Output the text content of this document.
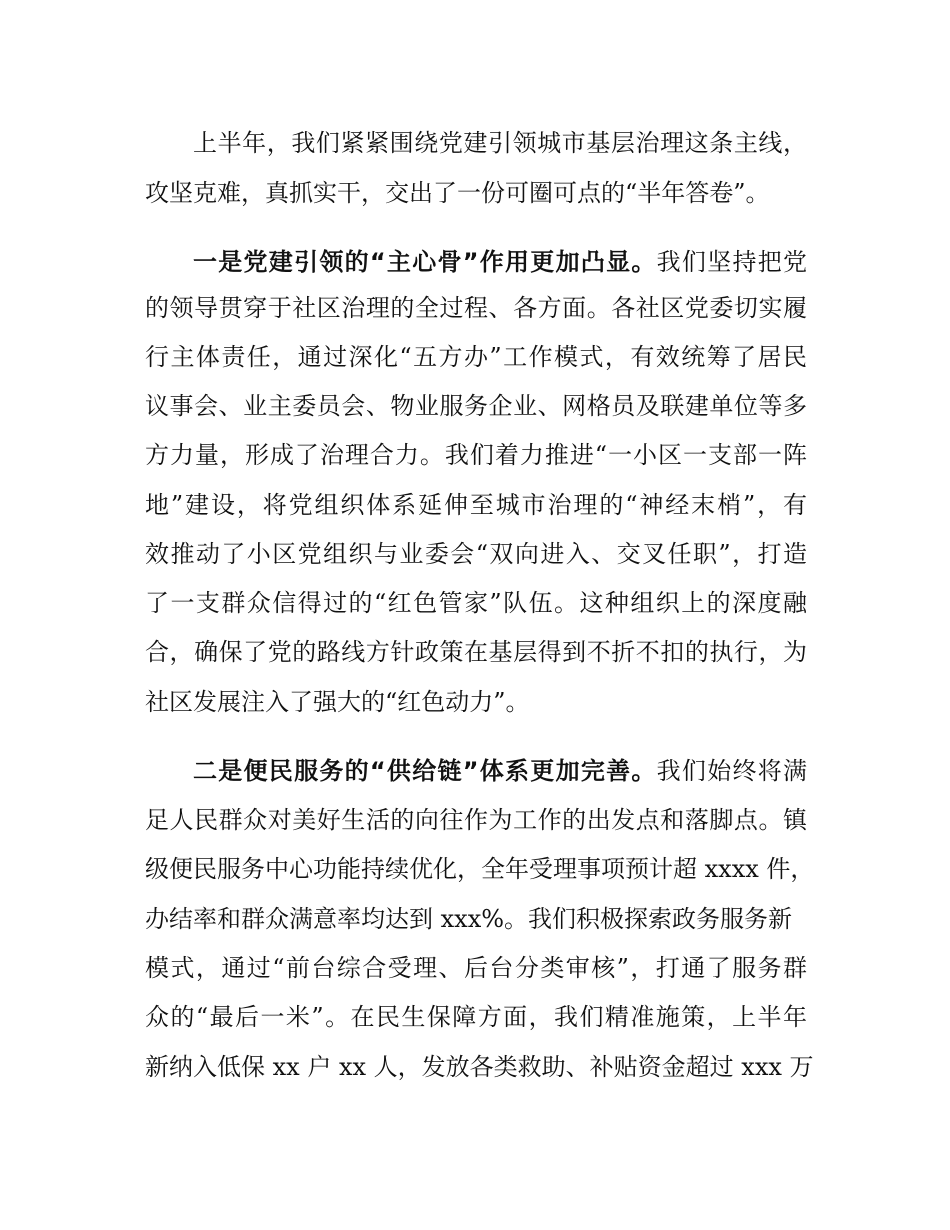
上半年，我们紧紧围绕党建引领城市基层治理这条主线，
攻坚克难，真抓实干，交出了一份可圈可点的“半年答卷”。
一是党建引领的“主心骨”作用更加凸显。我们坚持把党
的领导贯穿于社区治理的全过程、各方面。各社区党委切实履
行主体责任，通过深化“五方办”工作模式，有效统筹了居民
议事会、业主委员会、物业服务企业、网格员及联建单位等多
方力量，形成了治理合力。我们着力推进“一小区一支部一阵
地”建设，将党组织体系延伸至城市治理的“神经末梢”，有
效推动了小区党组织与业委会“双向进入、交叉任职”，打造
了一支群众信得过的“红色管家”队伍。这种组织上的深度融
合，确保了党的路线方针政策在基层得到不折不扣的执行，为
社区发展注入了强大的“红色动力”。
二是便民服务的“供给链”体系更加完善。我们始终将满
足人民群众对美好生活的向往作为工作的出发点和落脚点。镇
级便民服务中心功能持续优化，全年受理事项预计超 xxxx 件，
办结率和群众满意率均达到 xxx%。我们积极探索政务服务新
模式，通过“前台综合受理、后台分类审核”，打通了服务群
众的“最后一米”。在民生保障方面，我们精准施策，上半年
新纳入低保 xx 户 xx 人，发放各类救助、补贴资金超过 xxx 万
